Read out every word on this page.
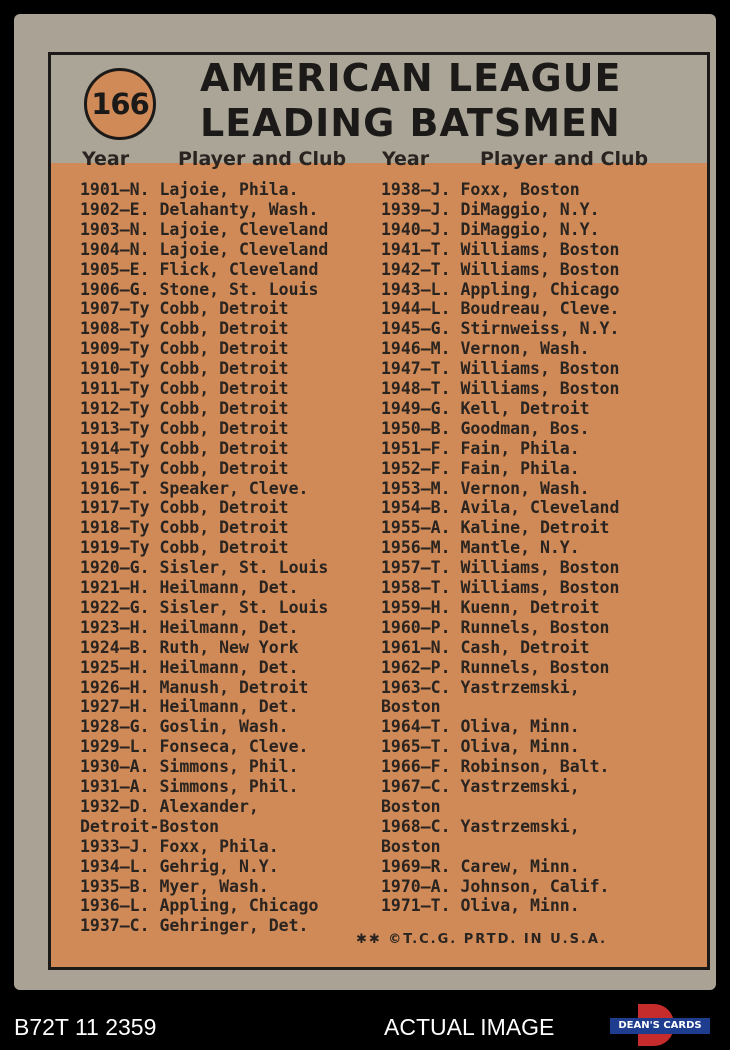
166
AMERICAN LEAGUE
LEADING BATSMEN
Year	Player and Club Year	Player and Club
1901—N. Lajoie, Phila.
1902—E. Delahanty, Wash.
1903—N. Lajoie, Cleveland
1904—N. Lajoie, Cleveland
1905—E. Flick, Cleveland
1906—G. Stone, St. Louis
1907—Ty Cobb, Detroit
1908—Ty Cobb, Detroit
1909—Ty Cobb, Detroit
1910—Ty Cobb, Detroit
1911—Ty Cobb, Detroit
1912—Ty Cobb, Detroit
1913—Ty Cobb, Detroit
1914—Ty Cobb, Detroit
1915—Ty Cobb, Detroit
1916—T. Speaker, Cleve.
1917—Ty Cobb, Detroit
1918—Ty Cobb, Detroit
1919—Ty Cobb, Detroit
1920—G. Sisler, St. Louis
1921—H. Heilmann, Det.
1922—G. Sisler, St. Louis
1923—H. Heilmann, Det.
1924—B. Ruth, New York
1925—H. Heilmann, Det.
1926—H. Manush, Detroit
1927—H. Heilmann, Det.
1928—G. Goslin, Wash.
1929—L. Fonseca, Cleve.
1930—A. Simmons, Phil.
1931—A. Simmons, Phil.
1932—D. Alexander,
Detroit-Boston
1933—J. Foxx, Phila.
1934—L. Gehrig, N.Y.
1935—B. Myer, Wash.
1936—L. Appling, Chicago
1937—C. Gehringer, Det.
1938—J. Foxx, Boston
1939—J. DiMaggio, N.Y.
1940—J. DiMaggio, N.Y.
1941—T. Williams, Boston
1942—T. Williams, Boston
1943—L. Appling, Chicago
1944—L. Boudreau, Cleve.
1945—G. Stirnweiss, N.Y.
1946—M. Vernon, Wash.
1947—T. Williams, Boston
1948—T. Williams, Boston
1949—G. Kell, Detroit
1950—B. Goodman, Bos.
1951—F. Fain, Phila.
1952—F. Fain, Phila.
1953—M. Vernon, Wash.
1954—B. Avila, Cleveland
1955—A. Kaline, Detroit
1956—M. Mantle, N.Y.
1957—T. Williams, Boston
1958—T. Williams, Boston
1959—H. Kuenn, Detroit
1960—P. Runnels, Boston
1961—N. Cash, Detroit
1962—P. Runnels, Boston
1963—C. Yastrzemski,
Boston
1964—T. Oliva, Minn.
1965—T. Oliva, Minn.
1966—F. Robinson, Balt.
1967—C. Yastrzemski,
Boston
1968—C. Yastrzemski,
Boston
1969—R. Carew, Minn.
1970—A. Johnson, Calif.
1971—T. Oliva, Minn.
✱✱ ©T.C.G. PRTD. IN U.S.A.
B72T 11 2359	ACTUAL IMAGE	DEAN'S CARDS
